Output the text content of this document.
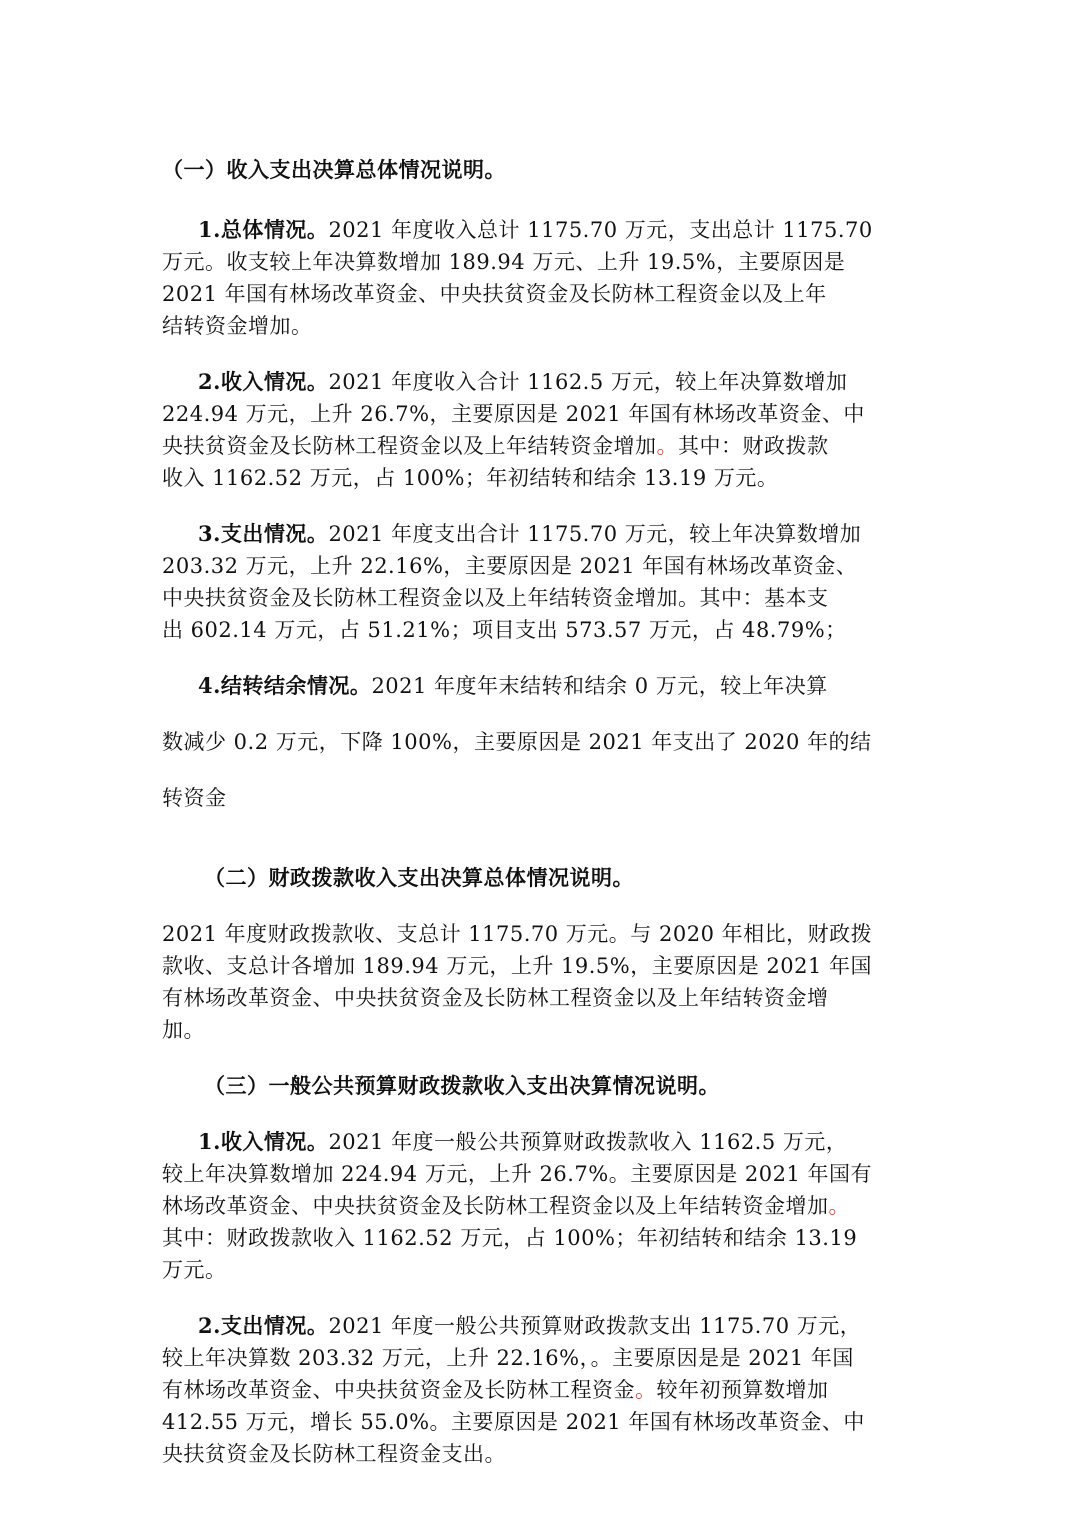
（一）收入支出决算总体情况说明。
1.总体情况。2021 年度收入总计 1175.70 万元，支出总计 1175.70
万元。收支较上年决算数增加 189.94 万元、上升 19.5%，主要原因是
2021 年国有林场改革资金、中央扶贫资金及长防林工程资金以及上年
结转资金增加。
2.收入情况。2021 年度收入合计 1162.5 万元，较上年决算数增加
224.94 万元，上升 26.7%，主要原因是 2021 年国有林场改革资金、中
央扶贫资金及长防林工程资金以及上年结转资金增加。其中：财政拨款
收入 1162.52 万元，占 100%；年初结转和结余 13.19 万元。
3.支出情况。2021 年度支出合计 1175.70 万元，较上年决算数增加
203.32 万元，上升 22.16%，主要原因是 2021 年国有林场改革资金、
中央扶贫资金及长防林工程资金以及上年结转资金增加。其中：基本支
出 602.14 万元，占 51.21%；项目支出 573.57 万元，占 48.79%；
4.结转结余情况。2021 年度年末结转和结余 0 万元，较上年决算
数减少 0.2 万元，下降 100%，主要原因是 2021 年支出了 2020 年的结
转资金
（二）财政拨款收入支出决算总体情况说明。
2021 年度财政拨款收、支总计 1175.70 万元。与 2020 年相比，财政拨
款收、支总计各增加 189.94 万元，上升 19.5%，主要原因是 2021 年国
有林场改革资金、中央扶贫资金及长防林工程资金以及上年结转资金增
加。
（三）一般公共预算财政拨款收入支出决算情况说明。
1.收入情况。2021 年度一般公共预算财政拨款收入 1162.5 万元，
较上年决算数增加 224.94 万元，上升 26.7%。主要原因是 2021 年国有
林场改革资金、中央扶贫资金及长防林工程资金以及上年结转资金增加。
其中：财政拨款收入 1162.52 万元，占 100%；年初结转和结余 13.19
万元。
2.支出情况。2021 年度一般公共预算财政拨款支出 1175.70 万元，
较上年决算数 203.32 万元，上升 22.16%，。主要原因是是 2021 年国
有林场改革资金、中央扶贫资金及长防林工程资金。较年初预算数增加
412.55 万元，增长 55.0%。主要原因是 2021 年国有林场改革资金、中
央扶贫资金及长防林工程资金支出。
